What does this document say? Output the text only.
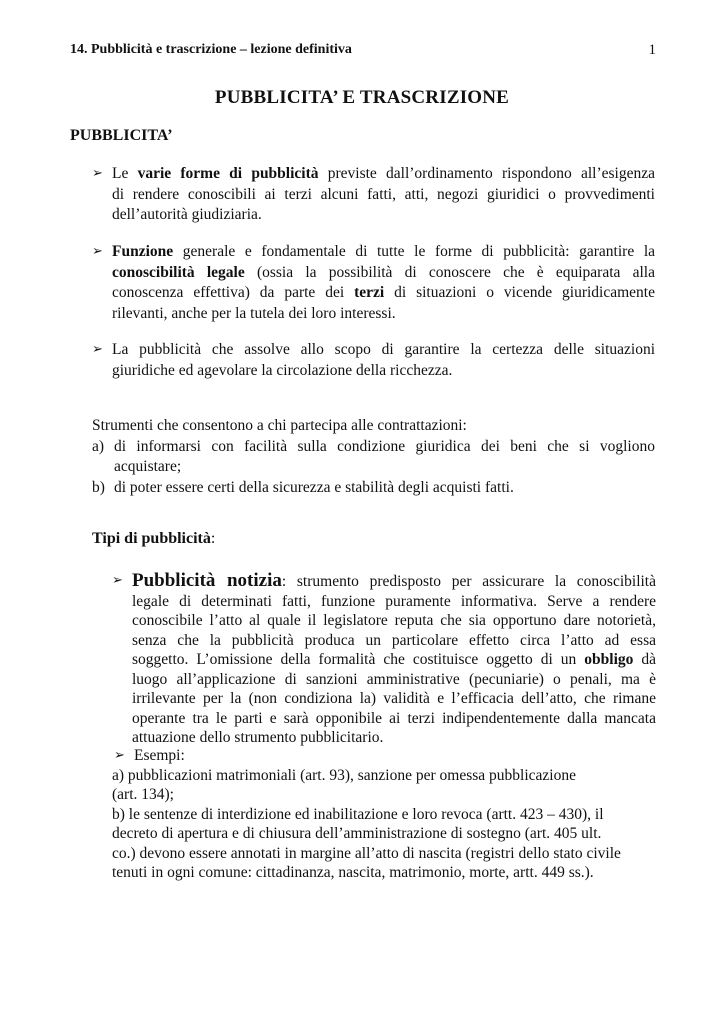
14. Pubblicità e trascrizione – lezione definitiva	1
PUBBLICITA’ E TRASCRIZIONE
PUBBLICITA’
➢ Le varie forme di pubblicità previste dall’ordinamento rispondono all’esigenza
di rendere conoscibili ai terzi alcuni fatti, atti, negozi giuridici o provvedimenti
dell’autorità giudiziaria.
➢ Funzione generale e fondamentale di tutte le forme di pubblicità: garantire la
conoscibilità legale (ossia la possibilità di conoscere che è equiparata alla
conoscenza effettiva) da parte dei terzi di situazioni o vicende giuridicamente
rilevanti, anche per la tutela dei loro interessi.
➢ La pubblicità che assolve allo scopo di garantire la certezza delle situazioni
giuridiche ed agevolare la circolazione della ricchezza.
Strumenti che consentono a chi partecipa alle contrattazioni:
a) di informarsi con facilità sulla condizione giuridica dei beni che si vogliono
acquistare;
b) di poter essere certi della sicurezza e stabilità degli acquisti fatti.
Tipi di pubblicità:
➢ Pubblicità notizia: strumento predisposto per assicurare la conoscibilità
legale di determinati fatti, funzione puramente informativa. Serve a rendere
conoscibile l’atto al quale il legislatore reputa che sia opportuno dare notorietà,
senza che la pubblicità produca un particolare effetto circa l’atto ad essa
soggetto. L’omissione della formalità che costituisce oggetto di un obbligo dà
luogo all’applicazione di sanzioni amministrative (pecuniarie) o penali, ma è
irrilevante per la (non condiziona la) validità e l’efficacia dell’atto, che rimane
operante tra le parti e sarà opponibile ai terzi indipendentemente dalla mancata
attuazione dello strumento pubblicitario.
➢ Esempi:
a) pubblicazioni matrimoniali (art. 93), sanzione per omessa pubblicazione
(art. 134);
b) le sentenze di interdizione ed inabilitazione e loro revoca (artt. 423 – 430), il
decreto di apertura e di chiusura dell’amministrazione di sostegno (art. 405 ult.
co.) devono essere annotati in margine all’atto di nascita (registri dello stato civile
tenuti in ogni comune: cittadinanza, nascita, matrimonio, morte, artt. 449 ss.).
